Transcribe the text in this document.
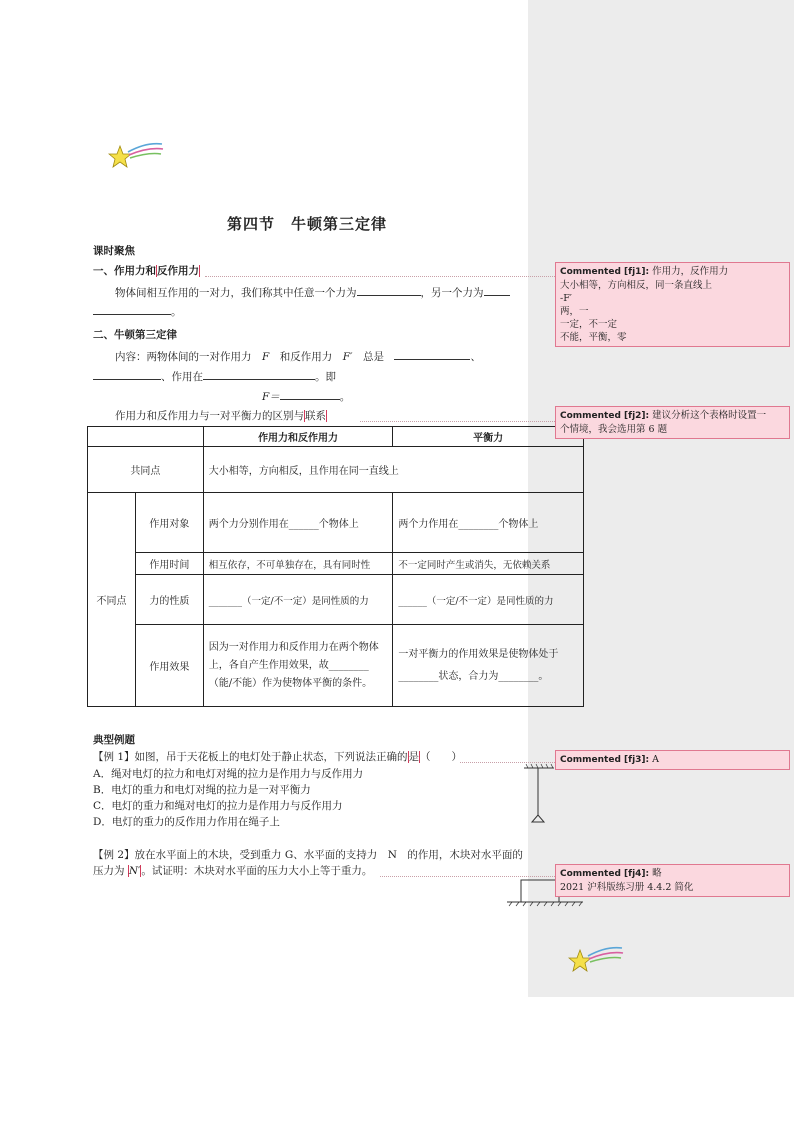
第四节　牛顿第三定律
课时聚焦
一、作用力和反作用力
物体间相互作用的一对力，我们称其中任意一个力为	，另一个力为
。
二、牛顿第三定律
内容：两物体间的一对作用力　 F　 和反作用力　 F′　 总是　	、
、作用在	。即
F＝	。
作用力和反作用力与一对平衡力的区别与联系
		作用力和反作用力	平衡力
共同点		大小相等，方向相反，且作用在同一直线上	
不同点	作用对象	两个力分别作用在______个物体上	两个力作用在________个物体上
	作用时间	相互依存，不可单独存在，具有同时性	不一定同时产生或消失，无依赖关系
	力的性质	_______（一定/不一定）是同性质的力	______（一定/不一定）是同性质的力
	作用效果	因为一对作用力和反作用力在两个物体上，各自产生作用效果，故________（能/不能）作为使物体平衡的条件。	一对平衡力的作用效果是使物体处于________状态，合力为________。
典型例题
【例 1】如图，吊于天花板上的电灯处于静止状态，下列说法正确的是（　　）
A．绳对电灯的拉力和电灯对绳的拉力是作用力与反作用力
B．电灯的重力和电灯对绳的拉力是一对平衡力
C．电灯的重力和绳对电灯的拉力是作用力与反作用力
D．电灯的重力的反作用力作用在绳子上
【例 2】放在水平面上的木块，受到重力 G、水平面的支持力　N　的作用，木块对水平面的
压力为 N′。试证明：木块对水平面的压力大小上等于重力。
Commented [fj1]: 作用力，反作用力
大小相等，方向相反，同一条直线上
-F′
两，一
一定，不一定
不能，平衡，零
Commented [fj2]: 建议分析这个表格时设置一
个情境，我会选用第 6 题
Commented [fj3]: A
Commented [fj4]: 略
2021 沪科版练习册 4.4.2 简化
